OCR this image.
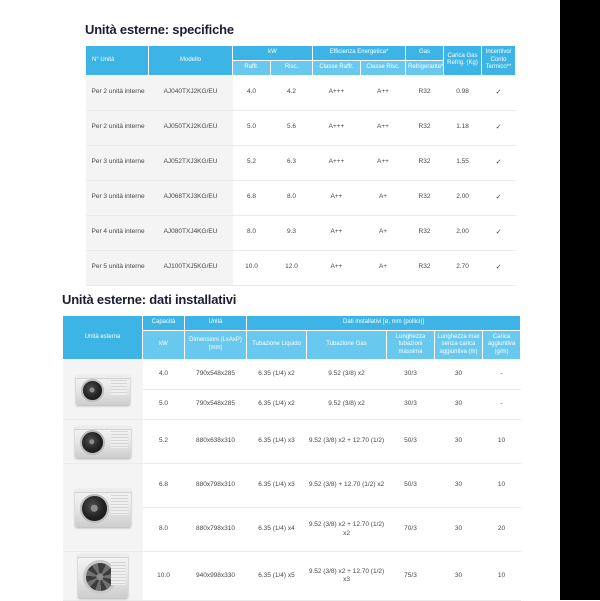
Unità esterne: specifiche
N° Unità	Modello	kW		Efficienza Energetica*		Gas	Carica Gas Refrig. (Kg)	Incentivo/ Conto Termico**
		Raffr.	Risc.	Classe Raffr.	Classe Risc.	Refrigerante*		
Per 2 unità interne	AJ040TXJ2KG/EU	4.0	4.2	A+++	A++	R32	0.98	✓
Per 2 unità interne	AJ050TXJ2KG/EU	5.0	5.6	A+++	A++	R32	1.18	✓
Per 3 unità interne	AJ052TXJ3KG/EU	5.2	6.3	A+++	A++	R32	1.55	✓
Per 3 unità interne	AJ068TXJ3KG/EU	6.8	8.0	A++	A+	R32	2.00	✓
Per 4 unità interne	AJ080TXJ4KG/EU	8.0	9.3	A++	A+	R32	2.00	✓
Per 5 unità interne	AJ100TXJ5KG/EU	10.0	12.0	A++	A+	R32	2.70	✓
Unità esterne: dati installativi
Unità esterna	Capacità	Unità	Dati installativi [ø, mm (pollici)]				
	kW	Dimensioni (LxAxP) (mm)	Tubazione Liquido	Tubazione Gas	Lunghezza tubazioni massima	Lunghezza max senza carica aggiuntiva (m)	Carica aggiuntiva (g/m)

	4.0	790x548x285	6.35 (1/4) x2	9.52 (3/8) x2	30/3	30	-
	5.0	790x548x285	6.35 (1/4) x2	9.52 (3/8) x2	30/3	30	-

	5.2	880x638x310	6.35 (1/4) x3	9.52 (3/8) x2 + 12.70 (1/2)	50/3	30	10

	6.8	880x798x310	6.35 (1/4) x3	9.52 (3/8) + 12.70 (1/2) x2	50/3	30	10
	8.0	880x798x310	6.35 (1/4) x4	9.52 (3/8) x2 + 12.70 (1/2) x2	70/3	30	20

	10.0	940x998x330	6.35 (1/4) x5	9.52 (3/8) x2 + 12.70 (1/2) x3	75/3	30	10
